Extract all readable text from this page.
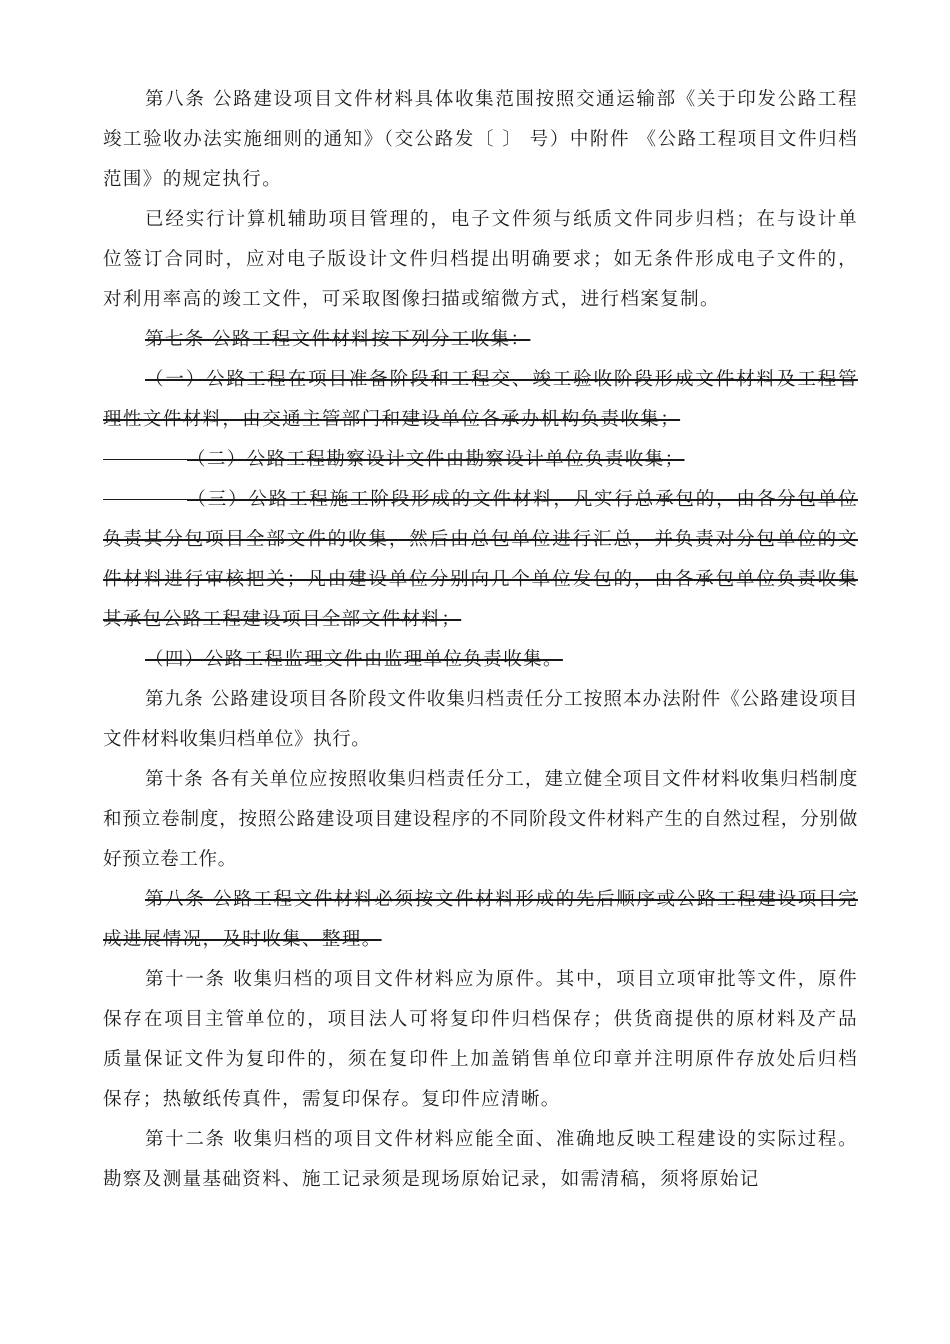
第八条 公路建设项目文件材料具体收集范围按照交通运输部《关于印发公路工程竣工验收办法实施细则的通知》（交公路发〔 〕 号）中附件 《公路工程项目文件归档范围》的规定执行。

已经实行计算机辅助项目管理的，电子文件须与纸质文件同步归档；在与设计单位签订合同时，应对电子版设计文件归档提出明确要求；如无条件形成电子文件的，对利用率高的竣工文件，可采取图像扫描或缩微方式，进行档案复制。

第七条 公路工程文件材料按下列分工收集：

（一）公路工程在项目准备阶段和工程交、竣工验收阶段形成文件材料及工程管理性文件材料，由交通主管部门和建设单位各承办机构负责收集；

（二）公路工程勘察设计文件由勘察设计单位负责收集；

（三）公路工程施工阶段形成的文件材料，凡实行总承包的，由各分包单位负责其分包项目全部文件的收集，然后由总包单位进行汇总，并负责对分包单位的文件材料进行审核把关；凡由建设单位分别向几个单位发包的，由各承包单位负责收集其承包公路工程建设项目全部文件材料；

（四）公路工程监理文件由监理单位负责收集。

第九条 公路建设项目各阶段文件收集归档责任分工按照本办法附件《公路建设项目文件材料收集归档单位》执行。

第十条 各有关单位应按照收集归档责任分工，建立健全项目文件材料收集归档制度和预立卷制度，按照公路建设项目建设程序的不同阶段文件材料产生的自然过程，分别做好预立卷工作。

第八条 公路工程文件材料必须按文件材料形成的先后顺序或公路工程建设项目完成进展情况，及时收集、整理。

第十一条 收集归档的项目文件材料应为原件。其中，项目立项审批等文件，原件保存在项目主管单位的，项目法人可将复印件归档保存；供货商提供的原材料及产品质量保证文件为复印件的，须在复印件上加盖销售单位印章并注明原件存放处后归档保存；热敏纸传真件，需复印保存。复印件应清晰。

第十二条 收集归档的项目文件材料应能全面、准确地反映工程建设的实际过程。勘察及测量基础资料、施工记录须是现场原始记录，如需清稿，须将原始记
